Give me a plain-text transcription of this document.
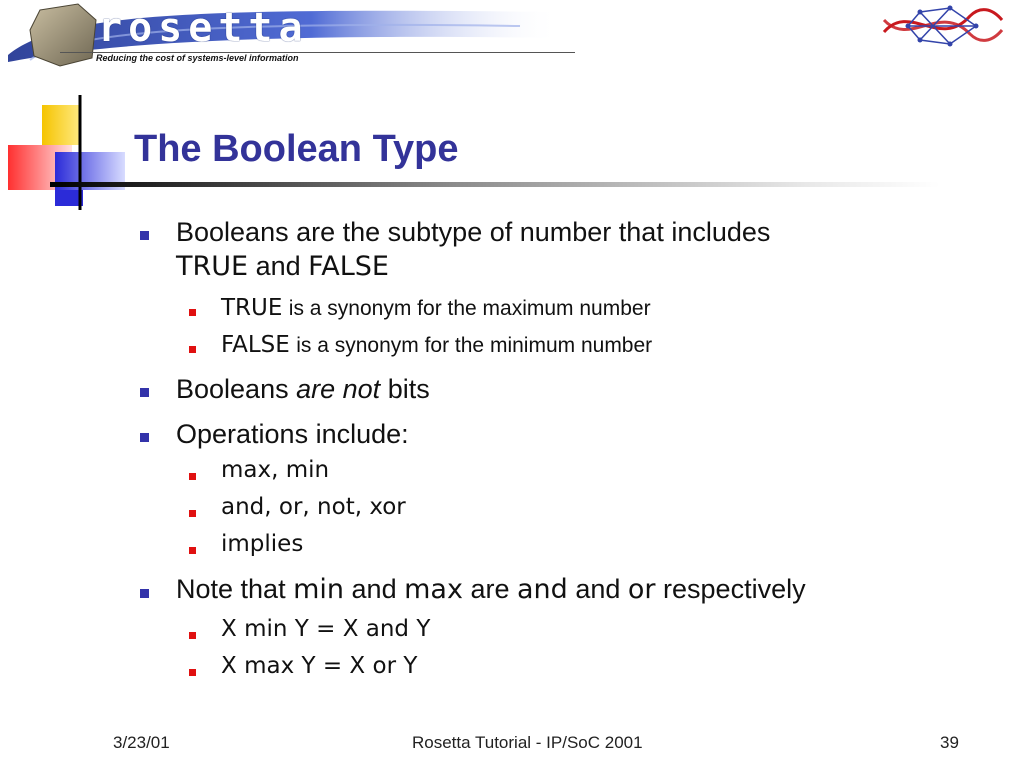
rosetta
Reducing the cost of systems-level information
The Boolean Type
Booleans are the subtype of number that includes
TRUE and FALSE
TRUE is a synonym for the maximum number
FALSE is a synonym for the minimum number
Booleans are not bits
Operations include:
max, min
and, or, not, xor
implies
Note that min and max are and and or respectively
X min Y = X and Y
X max Y = X or Y
3/23/01	Rosetta Tutorial - IP/SoC 2001	39
